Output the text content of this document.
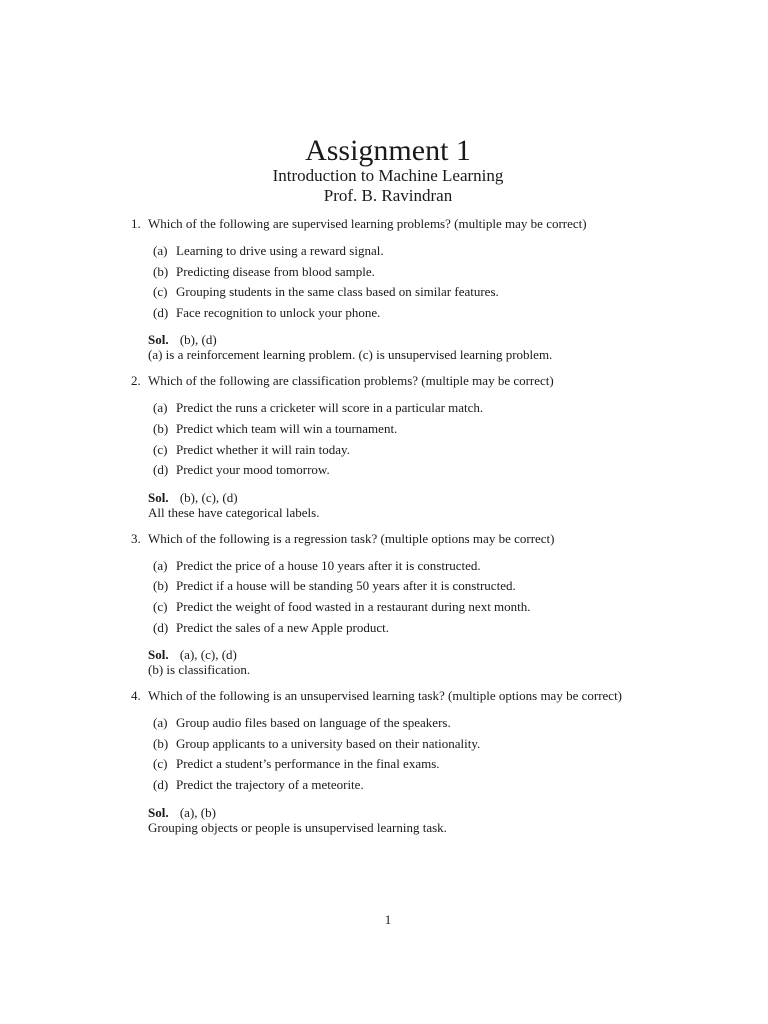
Assignment 1
Introduction to Machine Learning
Prof. B. Ravindran
1. Which of the following are supervised learning problems? (multiple may be correct)
(a) Learning to drive using a reward signal.
(b) Predicting disease from blood sample.
(c) Grouping students in the same class based on similar features.
(d) Face recognition to unlock your phone.
Sol. (b), (d)
(a) is a reinforcement learning problem. (c) is unsupervised learning problem.
2. Which of the following are classification problems? (multiple may be correct)
(a) Predict the runs a cricketer will score in a particular match.
(b) Predict which team will win a tournament.
(c) Predict whether it will rain today.
(d) Predict your mood tomorrow.
Sol. (b), (c), (d)
All these have categorical labels.
3. Which of the following is a regression task? (multiple options may be correct)
(a) Predict the price of a house 10 years after it is constructed.
(b) Predict if a house will be standing 50 years after it is constructed.
(c) Predict the weight of food wasted in a restaurant during next month.
(d) Predict the sales of a new Apple product.
Sol. (a), (c), (d)
(b) is classification.
4. Which of the following is an unsupervised learning task? (multiple options may be correct)
(a) Group audio files based on language of the speakers.
(b) Group applicants to a university based on their nationality.
(c) Predict a student’s performance in the final exams.
(d) Predict the trajectory of a meteorite.
Sol. (a), (b)
Grouping objects or people is unsupervised learning task.
1
